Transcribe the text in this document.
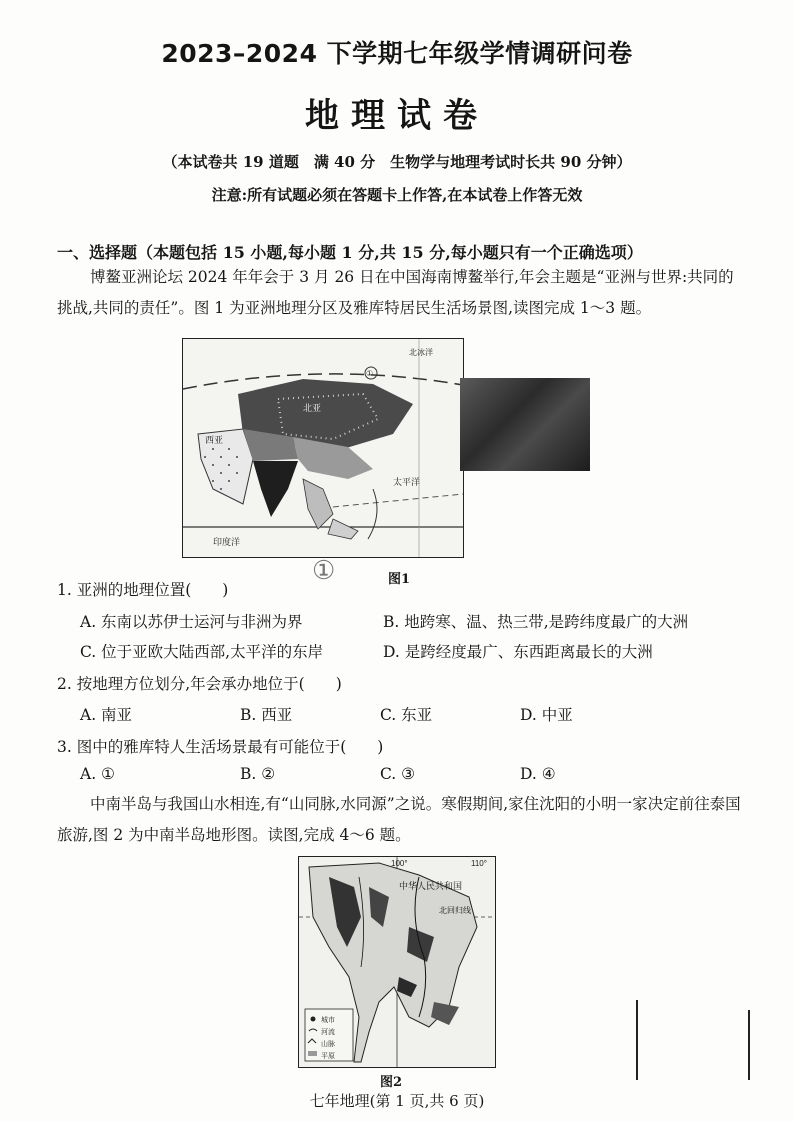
2023–2024 下学期七年级学情调研问卷
地理试卷
（本试卷共 19 道题　满 40 分　生物学与地理考试时长共 90 分钟）
注意:所有试题必须在答题卡上作答,在本试卷上作答无效
一、选择题（本题包括 15 小题,每小题 1 分,共 15 分,每小题只有一个正确选项）
博鳌亚洲论坛 2024 年年会于 3 月 26 日在中国海南博鳌举行,年会主题是“亚洲与世界:共同的挑战,共同的责任”。图 1 为亚洲地理分区及雅库特居民生活场景图,读图完成 1～3 题。
北亚
西亚
太平洋
印度洋
北冰洋
①
①	图1
1. 亚洲的地理位置(　　)
A. 东南以苏伊士运河与非洲为界	B. 地跨寒、温、热三带,是跨纬度最广的大洲
C. 位于亚欧大陆西部,太平洋的东岸	D. 是跨经度最广、东西距离最长的大洲
2. 按地理方位划分,年会承办地位于(　　)
A. 南亚	B. 西亚	C. 东亚	D. 中亚
3. 图中的雅库特人生活场景最有可能位于(　　)
A. ①	B. ②	C. ③	D. ④
中南半岛与我国山水相连,有“山同脉,水同源”之说。寒假期间,家住沈阳的小明一家决定前往泰国旅游,图 2 为中南半岛地形图。读图,完成 4～6 题。
城市
河流
山脉
平原
100°	110°
中华人民共和国
北回归线
图2
七年地理(第 1 页,共 6 页)
